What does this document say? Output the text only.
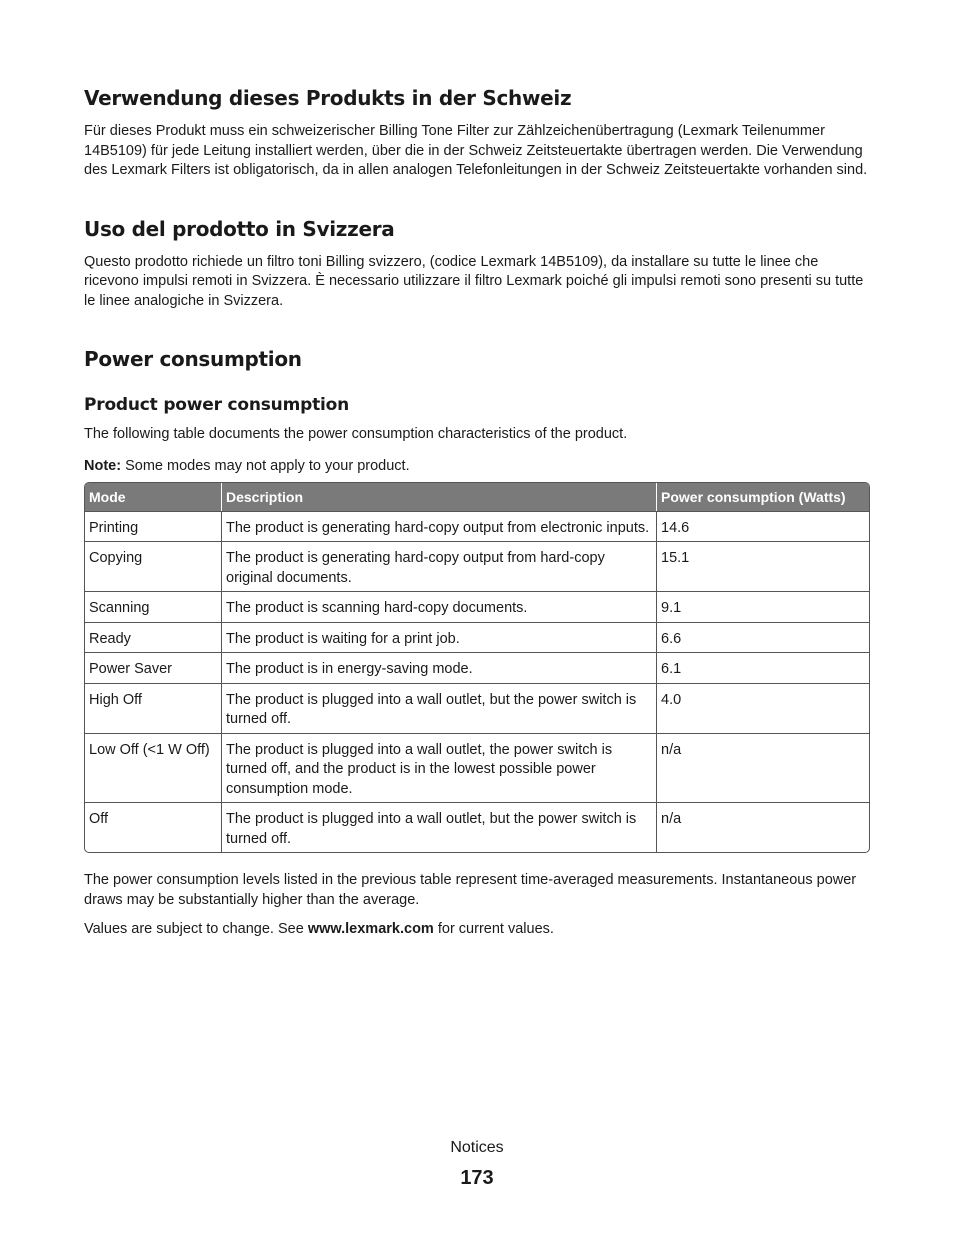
Verwendung dieses Produkts in der Schweiz

Für dieses Produkt muss ein schweizerischer Billing Tone Filter zur Zählzeichenübertragung (Lexmark Teilenummer 14B5109) für jede Leitung installiert werden, über die in der Schweiz Zeitsteuertakte übertragen werden. Die Verwendung des Lexmark Filters ist obligatorisch, da in allen analogen Telefonleitungen in der Schweiz Zeitsteuertakte vorhanden sind.

Uso del prodotto in Svizzera

Questo prodotto richiede un filtro toni Billing svizzero, (codice Lexmark 14B5109), da installare su tutte le linee che ricevono impulsi remoti in Svizzera. È necessario utilizzare il filtro Lexmark poiché gli impulsi remoti sono presenti su tutte le linee analogiche in Svizzera.

Power consumption
Product power consumption

The following table documents the power consumption characteristics of the product.

Note: Some modes may not apply to your product.

Mode	Description	Power consumption (Watts)
Printing	The product is generating hard-copy output from electronic inputs.	14.6
Copying	The product is generating hard-copy output from hard-copy original documents.	15.1
Scanning	The product is scanning hard-copy documents.	9.1
Ready	The product is waiting for a print job.	6.6
Power Saver	The product is in energy-saving mode.	6.1
High Off	The product is plugged into a wall outlet, but the power switch is turned off.	4.0
Low Off (<1 W Off)	The product is plugged into a wall outlet, the power switch is turned off, and the product is in the lowest possible power consumption mode.	n/a
Off	The product is plugged into a wall outlet, but the power switch is turned off.	n/a

The power consumption levels listed in the previous table represent time-averaged measurements. Instantaneous power draws may be substantially higher than the average.

Values are subject to change. See www.lexmark.com for current values.

Notices
173
